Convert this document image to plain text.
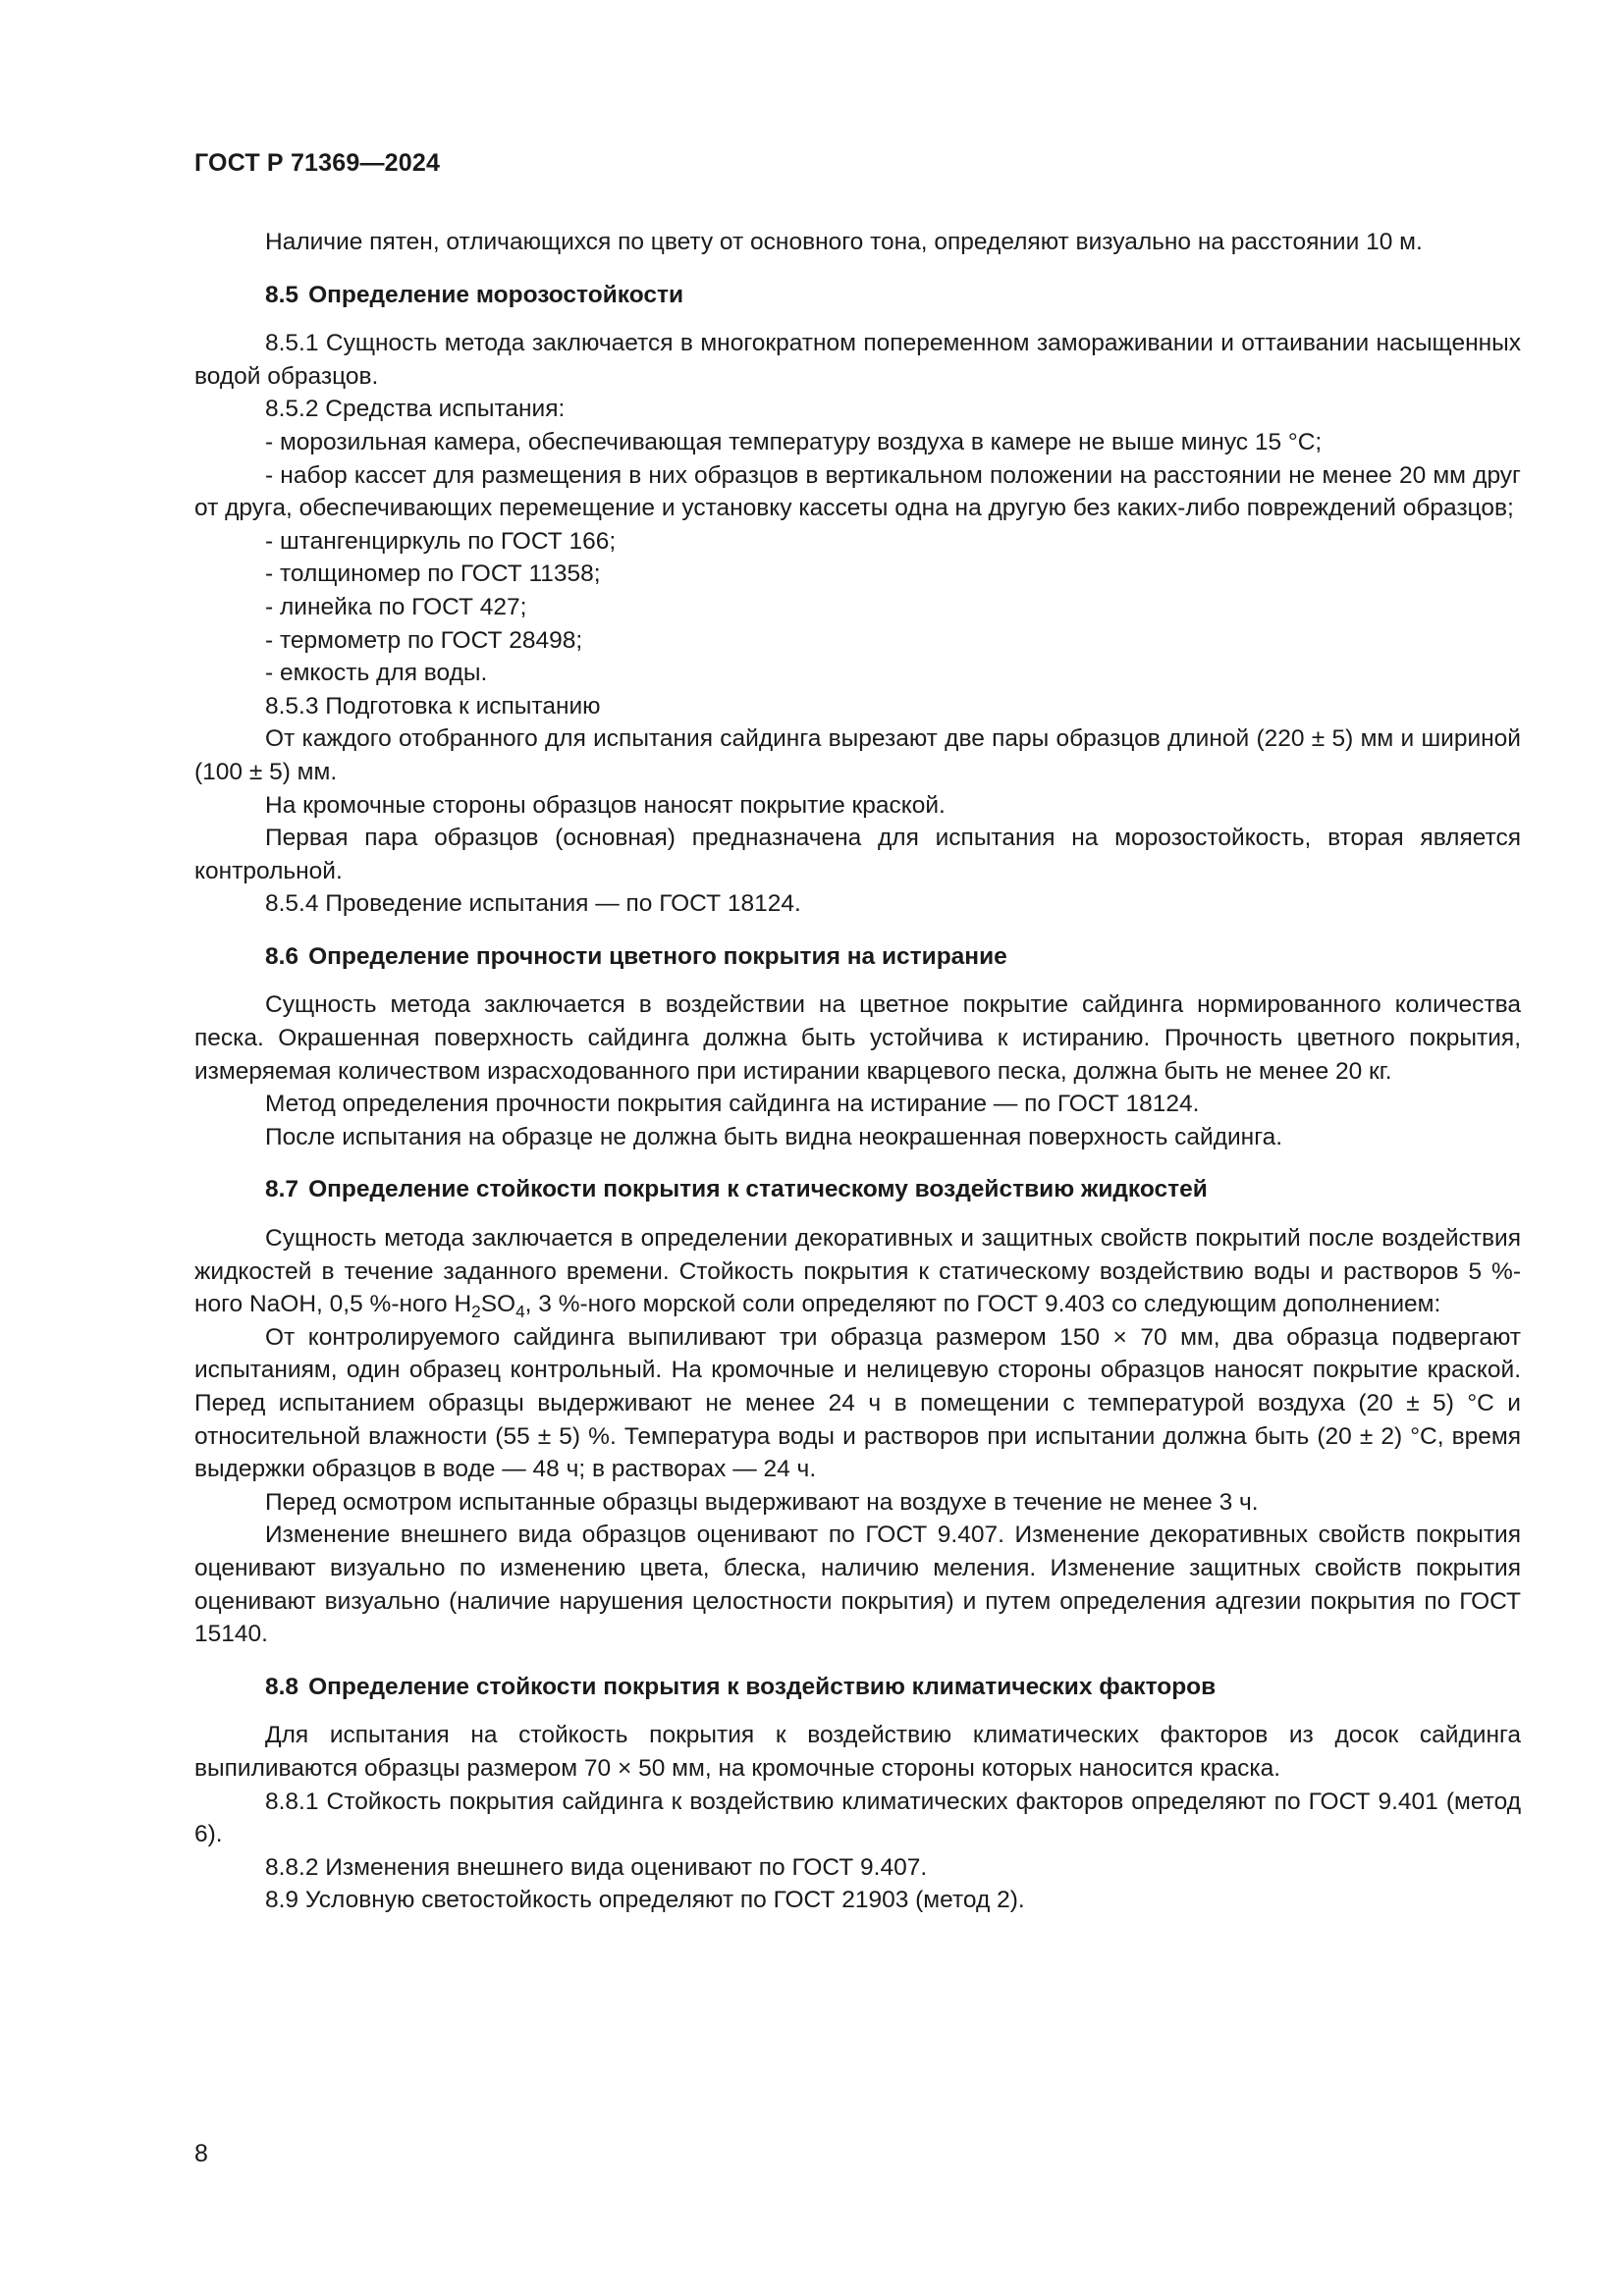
ГОСТ Р 71369—2024

Наличие пятен, отличающихся по цвету от основного тона, определяют визуально на расстоянии 10 м.

8.5 Определение морозостойкости

8.5.1 Сущность метода заключается в многократном попеременном замораживании и оттаивании насыщенных водой образцов.

8.5.2 Средства испытания:

- морозильная камера, обеспечивающая температуру воздуха в камере не выше минус 15 °С;
- набор кассет для размещения в них образцов в вертикальном положении на расстоянии не менее 20 мм друг от друга, обеспечивающих перемещение и установку кассеты одна на другую без каких-либо повреждений образцов;
- штангенциркуль по ГОСТ 166;
- толщиномер по ГОСТ 11358;
- линейка по ГОСТ 427;
- термометр по ГОСТ 28498;
- емкость для воды.

8.5.3 Подготовка к испытанию

От каждого отобранного для испытания сайдинга вырезают две пары образцов длиной (220 ± 5) мм и шириной (100 ± 5) мм.

На кромочные стороны образцов наносят покрытие краской.

Первая пара образцов (основная) предназначена для испытания на морозостойкость, вторая является контрольной.

8.5.4 Проведение испытания — по ГОСТ 18124.

8.6 Определение прочности цветного покрытия на истирание

Сущность метода заключается в воздействии на цветное покрытие сайдинга нормированного количества песка. Окрашенная поверхность сайдинга должна быть устойчива к истиранию. Прочность цветного покрытия, измеряемая количеством израсходованного при истирании кварцевого песка, должна быть не менее 20 кг.

Метод определения прочности покрытия сайдинга на истирание — по ГОСТ 18124.

После испытания на образце не должна быть видна неокрашенная поверхность сайдинга.

8.7 Определение стойкости покрытия к статическому воздействию жидкостей

Сущность метода заключается в определении декоративных и защитных свойств покрытий после воздействия жидкостей в течение заданного времени. Стойкость покрытия к статическому воздействию воды и растворов 5 %-ного NaOH, 0,5 %-ного $H_2SO_4$, 3 %-ного морской соли определяют по ГОСТ 9.403 со следующим дополнением:

От контролируемого сайдинга выпиливают три образца размером 150 × 70 мм, два образца подвергают испытаниям, один образец контрольный. На кромочные и нелицевую стороны образцов наносят покрытие краской. Перед испытанием образцы выдерживают не менее 24 ч в помещении с температурой воздуха (20 ± 5) °С и относительной влажности (55 ± 5) %. Температура воды и растворов при испытании должна быть (20 ± 2) °С, время выдержки образцов в воде — 48 ч; в растворах — 24 ч.

Перед осмотром испытанные образцы выдерживают на воздухе в течение не менее 3 ч.

Изменение внешнего вида образцов оценивают по ГОСТ 9.407. Изменение декоративных свойств покрытия оценивают визуально по изменению цвета, блеска, наличию меления. Изменение защитных свойств покрытия оценивают визуально (наличие нарушения целостности покрытия) и путем определения адгезии покрытия по ГОСТ 15140.

8.8 Определение стойкости покрытия к воздействию климатических факторов

Для испытания на стойкость покрытия к воздействию климатических факторов из досок сайдинга выпиливаются образцы размером 70 × 50 мм, на кромочные стороны которых наносится краска.

8.8.1 Стойкость покрытия сайдинга к воздействию климатических факторов определяют по ГОСТ 9.401 (метод 6).

8.8.2 Изменения внешнего вида оценивают по ГОСТ 9.407.

8.9 Условную светостойкость определяют по ГОСТ 21903 (метод 2).

8
